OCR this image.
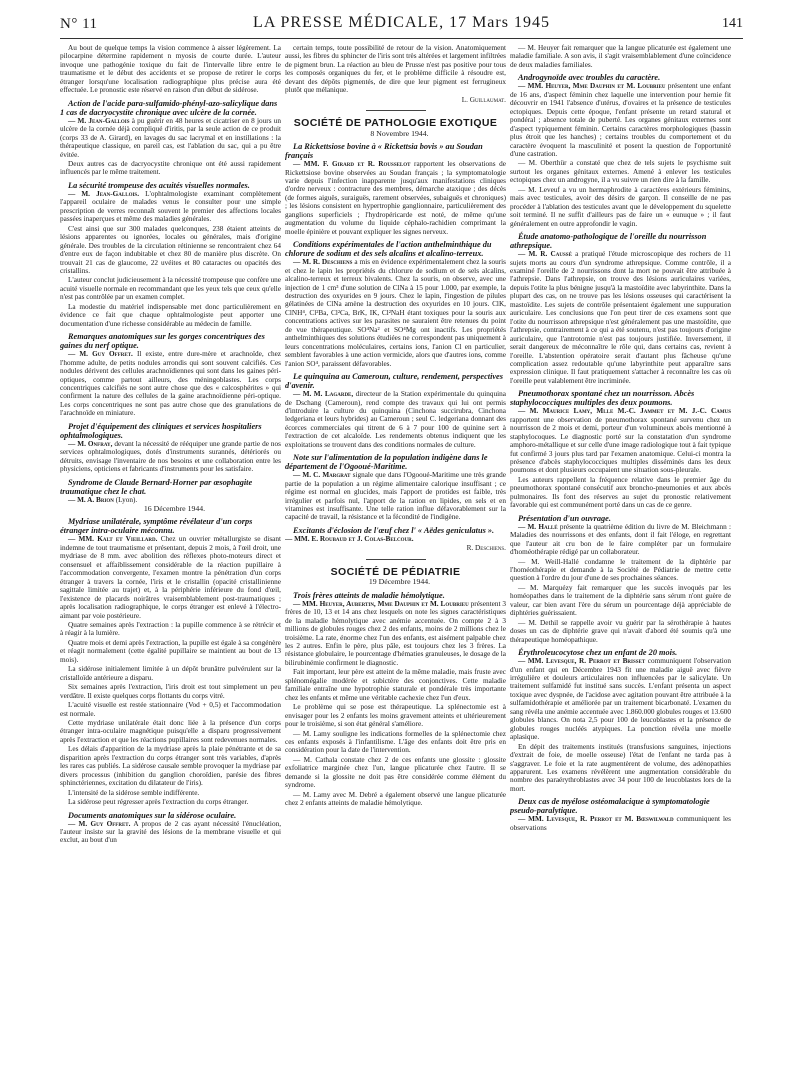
N° 11	LA PRESSE MÉDICALE, 17 Mars 1945	141

Au bout de quelque temps la vision commence à aisser légèrement. La pilocarpine détermine rapidement n myosis de courte durée. L'auteur invoque une pathogénie toxique du fait de l'intervalle libre entre le traumatisme et le début des accidents et se propose de retirer le corps étranger lorsqu'une localisation radiographique plus précise aura été effectuée. Le pronostic este réservé en raison d'un début de sidérose.

Action de l'acide para-sulfamido-phényl-azo-salicylique dans 1 cas de dacryocystite chronique avec ulcère de la cornée.

— M. Jean-Gallois à pu guérir en 48 heures et cicatriser en 8 jours un ulcère de la cornée déjà compliqué d'iritis, par la seule action de ce produit (corps 33 de A. Girard), en lavages du sac lacrymal et en instillations : la thérapeutique classique, en pareil cas, est l'ablation du sac, qui a pu être évitée.

Deux autres cas de dacryocystite chronique ont été aussi rapidement influencés par le même traitement.

La sécurité trompeuse des acuités visuelles normales.

— M. Jean-Gallois. L'ophtalmologiste examinant complètement l'appareil oculaire de malades venus le consulter pour une simple prescription de verres reconnaît souvent le premier des affections locales passées inaperçues et même des maladies générales.

C'est ainsi que sur 300 malades quelconques, 238 étaient atteints de lésions apparentes ou ignorées, locales ou générales, mais d'origine générale. Des troubles de la circulation rétinienne se rencontraient chez 64 d'entre eux de façon indubitable et chez 80 de manière plus discrète. On trouvait 21 cas de glaucome, 22 uvéites et 80 cataractes ou opacités des cristallins.

L'auteur conclut judicieusement à la nécessité trompeuse que confère une acuité visuelle normale en recommandant que les yeux tels que ceux qu'elle n'est pas contrôlée par un examen complet.

La modestie du matériel indispensable met donc particulièrement en évidence ce fait que chaque ophtalmologiste peut apporter une documentation d'une richesse considérable au médecin de famille.

Remarques anatomiques sur les gorges concentriques des gaines du nerf optique.

— M. Guy Offret. Il existe, entre dure-mère et arachnoïde, chez l'homme adulte, de petits nodules arrondis qui sont souvent calcifiés. Ces nodules dérivent des cellules arachnoïdiennes qui sont dans les gaines péri-optiques, comme partout ailleurs, des méningoblastes. Les corps concentriques calcifiés ne sont autre chose que des « calcosphérites » qui confirment la nature des cellules de la gaine arachnoïdienne péri-optique. Les corps concentriques ne sont pas autre chose que des granulations de l'arachnoïde en miniature.

Projet d'équipement des cliniques et services hospitaliers ophtalmologiques.

— M. Onfray, devant la nécessité de rééquiper une grande partie de nos services ophtalmologiques, dotés d'instruments surannés, détériorés ou détruits, envisage l'inventaire de nos besoins et une collaboration entre les physiciens, opticiens et fabricants d'instruments pour les satisfaire.

Syndrome de Claude Bernard-Horner par œsophagite traumatique chez le chat.

— M. A. Brion (Lyon).

16 Décembre 1944.

Mydriase unilatérale, symptôme révélateur d'un corps étranger intra-oculaire méconnu.

— MM. Kalt et Vieillard. Chez un ouvrier métallurgiste se disant indemne de tout traumatisme et présentant, depuis 2 mois, à l'œil droit, une mydriase de 8 mm. avec abolition des réflexes photo-moteurs direct et consensuel et affaiblissement considérable de la réaction pupillaire à l'accommodation convergente, l'examen montre la pénétration d'un corps étranger à travers la cornée, l'iris et le cristallin (opacité cristallinienne sagittale limitée au trajet) et, à la périphérie inférieure du fond d'œil, l'existence de placards noirâtres vraisemblablement post-traumatiques ; après localisation radiographique, le corps étranger est enlevé à l'électro-aimant par voie postérieure.

Quatre semaines après l'extraction : la pupille commence à se rétrécir et à réagir à la lumière.

Quatre mois et demi après l'extraction, la pupille est égale à sa congénère et réagit normalement (cette égalité pupillaire se maintient au bout de 13 mois).

La sidérose initialement limitée à un dépôt brunâtre pulvérulent sur la cristalloïde antérieure a disparu.

Six semaines après l'extraction, l'iris droit est tout simplement un peu verdâtre. Il existe quelques corps flottants du corps vitré.

L'acuité visuelle est restée stationnaire (Vod + 0,5) et l'accommodation est normale.

Cette mydriase unilatérale était donc liée à la présence d'un corps étranger intra-oculaire magnétique puisqu'elle a disparu progressivement après l'extraction et que les réactions pupillaires sont redevenues normales.

Les délais d'apparition de la mydriase après la plaie pénétrante et de sa disparition après l'extraction du corps étranger sont très variables, d'après les rares cas publiés. La sidérose causale semble provoquer la mydriase par divers processus (inhibition du ganglion choroïdien, parésie des fibres sphinctériennes, excitation du dilatateur de l'iris).

L'intensité de la sidérose semble indifférente.

La sidérose peut régresser après l'extraction du corps étranger.

Documents anatomiques sur la sidérose oculaire.

— M. Guy Offret. A propos de 2 cas ayant nécessité l'énucléation, l'auteur insiste sur la gravité des lésions de la membrane visuelle et qui exclut, au bout d'un

certain temps, toute possibilité de retour de la vision. Anatomiquement aussi, les fibres du sphincter de l'iris sont très altérées et largement infiltrées de pigment brun. La réaction au bleu de Prusse n'est pas positive pour tous les composés organiques du fer, et le problème difficile à résoudre est, devant des dépôts pigmentés, de dire que leur pigment est ferrugineux plutôt que mélanique.

L. Guillaumat.

SOCIÉTÉ DE PATHOLOGIE EXOTIQUE

8 Novembre 1944.

La Rickettsiose bovine à « Rickettsia bovis » au Soudan français

— MM. F. Girard et R. Rousselot rapportent les observations de Rickettsiose bovine observées au Soudan français ; la symptomatologie varie depuis l'infection inapparente jusqu'aux manifestations cliniques d'ordre nerveux : contracture des membres, démarche ataxique ; des décès (de formes aiguës, suraiguës, rarement observées, subaiguës et chroniques) ; les lésions consistent en hypertrophie ganglionnaire, particulièrement des ganglions superficiels ; l'hydropéricarde est noté, de même qu'une augmentation du volume du liquide céphalo-rachidien comprimant la moelle épinière et pouvant expliquer les signes nerveux.

Conditions expérimentales de l'action anthelminthique du chlorure de sodium et des sels alcalins et alcalino-terreux.

— M. R. Deschiens a mis en évidence expérimentalement chez la souris et chez le lapin les propriétés du chlorure de sodium et de sels alcalins, alcalino-terreux et terreux bivalents. Chez la souris, on observe, avec une injection de 1 cm³ d'une solution de ClNa à 15 pour 1.000, par exemple, la destruction des oxyurides en 9 jours. Chez le lapin, l'ingestion de pilules gélatinées de ClNa amène la destruction des oxyurides en 10 jours. ClK, ClNH⁴, Cl²Ba, Cl²Ca, BrK, IK, Cl²NaH étant toxiques pour la souris aux concentrations actives sur les parasites ne sauraient être retenues du point de vue thérapeutique. SO⁴Na² et SO⁴Mg ont inactifs. Les propriétés anthelminthiques des solutions étudiées ne correspondent pas uniquement à leurs concentrations moléculaires, certains ions, l'anion Cl en particulier, semblent favorables à une action vermicide, alors que d'autres ions, comme l'anion SO⁴, paraissent défavorables.

Le quinquina au Cameroun, culture, rendement, perspectives d'avenir.

— M. M. Lagarde, directeur de la Station expérimentale du quinquina de Dschang (Cameroun), rend compte des travaux qui lui ont permis d'introduire la culture du quinquina (Cinchona succirubra, Cinchona ledgeriana et leurs hybrides) au Cameroun ; seul C. ledgeriana donnant des écorces commerciales qui titrent de 6 à 7 pour 100 de quinine sert à l'extraction de cet alcaloïde. Les rendements obtenus indiquent que les exploitations se trouvent dans des conditions normales de culture.

Note sur l'alimentation de la population indigène dans le département de l'Ogooué-Maritime.

— M. C. Margrat signale que dans l'Ogooué-Maritime une très grande partie de la population a un régime alimentaire calorique insuffisant ; ce régime est normal en glucides, mais l'apport de protides est faible, très irrégulier et parfois nul, l'apport de la ration en lipides, en sels et en vitamines est insuffisante. Une telle ration influe défavorablement sur la capacité de travail, la résistance et la fécondité de l'indigène.

Excitants d'éclosion de l'œuf chez l' « Aëdes geniculatus ».

— MM. E. Roubaud et J. Colas-Belcour.

R. Deschiens.

SOCIÉTÉ DE PÉDIATRIE

19 Décembre 1944.

Trois frères atteints de maladie hémolytique.

— MM. Heuyer, Aubertin, Mme Dauphin et M. Loubrieu présentent 3 frères de 10, 13 et 14 ans chez lesquels on note les signes caractéristiques de la maladie hémolytique avec anémie accentuée. On compte 2 à 3 millions de globules rouges chez 2 des enfants, moins de 2 millions chez le troisième. La rate, énorme chez l'un des enfants, est aisément palpable chez les 2 autres. Enfin le père, plus pâle, est toujours chez les 3 frères. La résistance globulaire, le pourcentage d'hématies granuleuses, le dosage de la bilirubinémie confirment le diagnostic.

Fait important, leur père est atteint de la même maladie, mais fruste avec splénomégalie modérée et subictère des conjonctives. Cette maladie familiale entraîne une hypotrophie staturale et pondérale très importante chez les enfants et même une véritable cachexie chez l'un d'eux.

Le problème qui se pose est thérapeutique. La splénectomie est à envisager pour les 2 enfants les moins gravement atteints et ultérieurement pour le troisième, si son état général s'améliore.

— M. Lamy souligne les indications formelles de la splénectomie chez ces enfants exposés à l'infantilisme. L'âge des enfants doit être pris en considération pour la date de l'intervention.

— M. Cathala constate chez 2 de ces enfants une glossite : glossite exfoliatrice marginée chez l'un, langue plicaturée chez l'autre. Il se demande si la glossite ne doit pas être considérée comme élément du syndrome.

— M. Lamy avec M. Debré a également observé une langue plicaturée chez 2 enfants atteints de maladie hémolytique.

— M. Heuyer fait remarquer que la langue plicaturée est également une maladie familiale. A son avis, il s'agit vraisemblablement d'une coïncidence de deux maladies familiales.

Androgynoïde avec troubles du caractère.

— MM. Heuyer, Mme Dauphin et M. Loubrieu présentent une enfant de 16 ans, d'aspect féminin chez laquelle une intervention pour hernie fit découvrir en 1941 l'absence d'utérus, d'ovaires et la présence de testicules ectopiques. Depuis cette époque, l'enfant présente un retard statural et pondéral ; absence totale de puberté. Les organes génitaux externes sont d'aspect typiquement féminin. Certains caractères morphologiques (bassin plus étroit que les hanches) ; certains troubles du comportement et du caractère évoquent la masculinité et posent la question de l'opportunité d'une castration.

— M. Oberthür a constaté que chez de tels sujets le psychisme suit surtout les organes génitaux externes. Amené à enlever les testicules ectopiques chez un androgyne, il a vu suivre un rien dire à la famille.

— M. Leveuf a vu un hermaphrodite à caractères extérieurs féminins, mais avec testicules, avoir des désirs de garçon. Il conseille de ne pas procéder à l'ablation des testicules avant que le développement du squelette soit terminé. Il ne suffit d'ailleurs pas de faire un « eunuque » ; il faut généralement en outre approfondir le vagin.

Étude anatomo-pathologique de l'oreille du nourrisson athrepsique.

— M. R. Caussé a pratiqué l'étude microscopique des rochers de 11 sujets morts au cours d'un syndrome athrepsique. Comme contrôle, il a examiné l'oreille de 2 nourrissons dont la mort ne pouvait être attribuée à l'athrepsie. Dans l'athrepsie, on trouve des lésions auriculaires variées, depuis l'otite la plus bénigne jusqu'à la mastoïdite avec labyrinthite. Dans la plupart des cas, on ne trouve pas les lésions osseuses qui caractérisent la mastoïdite. Les sujets de contrôle présentaient également une suppuration auriculaire. Les conclusions que l'on peut tirer de ces examens sont que l'otite du nourrisson athrepsique n'est généralement pas une mastoïdite, que l'athrepsie, contrairement à ce qui a été soutenu, n'est pas toujours d'origine auriculaire, que l'antrotomie n'est pas toujours justifiée. Inversement, il serait dangereux de méconnaître le rôle qui, dans certains cas, revient à l'oreille. L'abstention opératoire serait d'autant plus fâcheuse qu'une complication assez redoutable qu'une labyrinthite peut apparaître sans expression clinique. Il faut pratiquement s'attacher à reconnaître les cas où l'oreille peut valablement être incriminée.

Pneumothorax spontané chez un nourrisson. Abcès staphylococciques multiples des deux poumons.

— M. Maurice Lamy, Mlle M.-C. Jammet et M. J.-C. Camus rapportent une observation de pneumothorax spontané survenu chez un nourrisson de 2 mois et demi, porteur d'un volumineux abcès mentionné à staphylocoques. Le diagnostic porté sur la constatation d'un syndrome amphoro-métallique et sur celle d'une image radiologique tout à fait typique fut confirmé 3 jours plus tard par l'examen anatomique. Celui-ci montra la présence d'abcès staphylococciques multiples disséminés dans les deux poumons et dont plusieurs occupaient une situation sous-pleurale.

Les auteurs rappellent la fréquence relative dans le premier âge du pneumothorax spontané consécutif aux broncho-pneumonies et aux abcès pulmonaires. Ils font des réserves au sujet du pronostic relativement favorable qui est communément porté dans un cas de ce genre.

Présentation d'un ouvrage.

— M. Hallé présente la quatrième édition du livre de M. Bleichmann : Maladies des nourrissons et des enfants, dont il fait l'éloge, en regrettant que l'auteur ait cru bon de le faire compléter par un formulaire d'homéothérapie rédigé par un collaborateur.

— M. Weill-Hallé condamne le traitement de la diphtérie par l'homéothérapie et demande à la Société de Pédiatrie de mettre cette question à l'ordre du jour d'une de ses prochaines séances.

— M. Marquézy fait remarquer que les succès invoqués par les homéopathes dans le traitement de la diphtérie sans sérum n'ont guère de valeur, car bien avant l'ère du sérum un pourcentage déjà appréciable de diphtéries guérissaient.

— M. Dethil se rappelle avoir vu guérir par la sérothérapie à hautes doses un cas de diphtérie grave qui n'avait d'abord été soumis qu'à une thérapeutique homéopathique.

Érythroleucocytose chez un enfant de 20 mois.

— MM. Levesque, R. Perrot et Brisset communiquent l'observation d'un enfant qui en Décembre 1943 fit une maladie aiguë avec fièvre irrégulière et douleurs articulaires non influencées par le salicylate. Un traitement sulfamidé fut institué sans succès. L'enfant présenta un aspect toxique avec dyspnée, de l'acidose avec agitation pouvant être attribuée à la sulfamidothérapie et améliorée par un traitement bicarbonaté. L'examen du sang révéla une anémie accentuée avec 1.860.000 globules rouges et 13.600 globules blancs. On nota 2,5 pour 100 de leucoblastes et la présence de globules rouges nucléés atypiques. La ponction révéla une moelle aplasique.

En dépit des traitements institués (transfusions sanguines, injections d'extrait de foie, de moelle osseuse) l'état de l'enfant ne tarda pas à s'aggraver. Le foie et la rate augmentèrent de volume, des adénopathies apparurent. Les examens révélèrent une augmentation considérable du nombre des paraérythroblastes avec 34 pour 100 de leucoblastes lors de la mort.

Deux cas de myélose ostéomalacique à symptomatologie pseudo-paralytique.

— MM. Levesque, R. Perrot et M. Bœswilwald communiquent les observations
